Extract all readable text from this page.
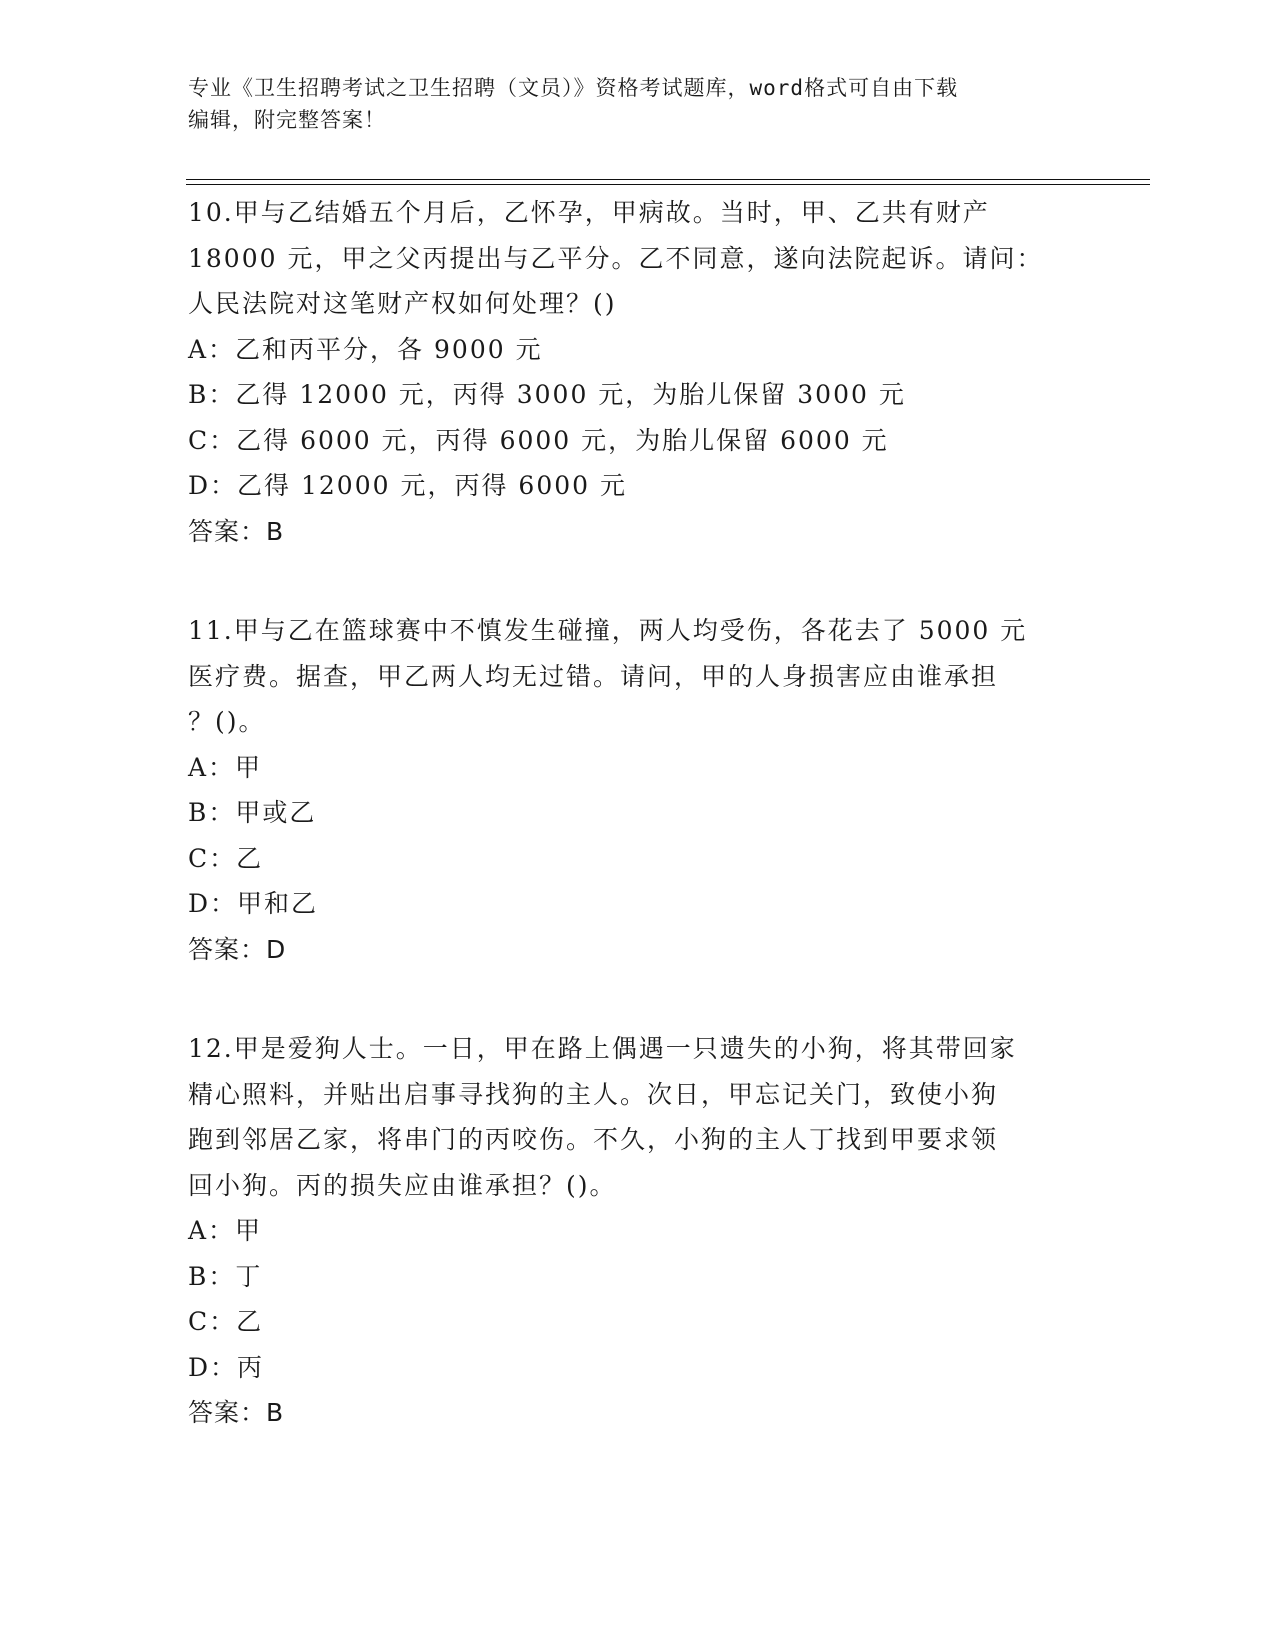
专业《卫生招聘考试之卫生招聘（文员）》资格考试题库，word格式可自由下载
编辑，附完整答案！
10.甲与乙结婚五个月后，乙怀孕，甲病故。当时，甲、乙共有财产
18000 元，甲之父丙提出与乙平分。乙不同意，遂向法院起诉。请问：
人民法院对这笔财产权如何处理？()
A：乙和丙平分，各 9000 元
B：乙得 12000 元，丙得 3000 元，为胎儿保留 3000 元
C：乙得 6000 元，丙得 6000 元，为胎儿保留 6000 元
D：乙得 12000 元，丙得 6000 元
答案：B
11.甲与乙在篮球赛中不慎发生碰撞，两人均受伤，各花去了 5000 元
医疗费。据查，甲乙两人均无过错。请问，甲的人身损害应由谁承担
？()。
A：甲
B：甲或乙
C：乙
D：甲和乙
答案：D
12.甲是爱狗人士。一日，甲在路上偶遇一只遗失的小狗，将其带回家
精心照料，并贴出启事寻找狗的主人。次日，甲忘记关门，致使小狗
跑到邻居乙家，将串门的丙咬伤。不久，小狗的主人丁找到甲要求领
回小狗。丙的损失应由谁承担？()。
A：甲
B：丁
C：乙
D：丙
答案：B
